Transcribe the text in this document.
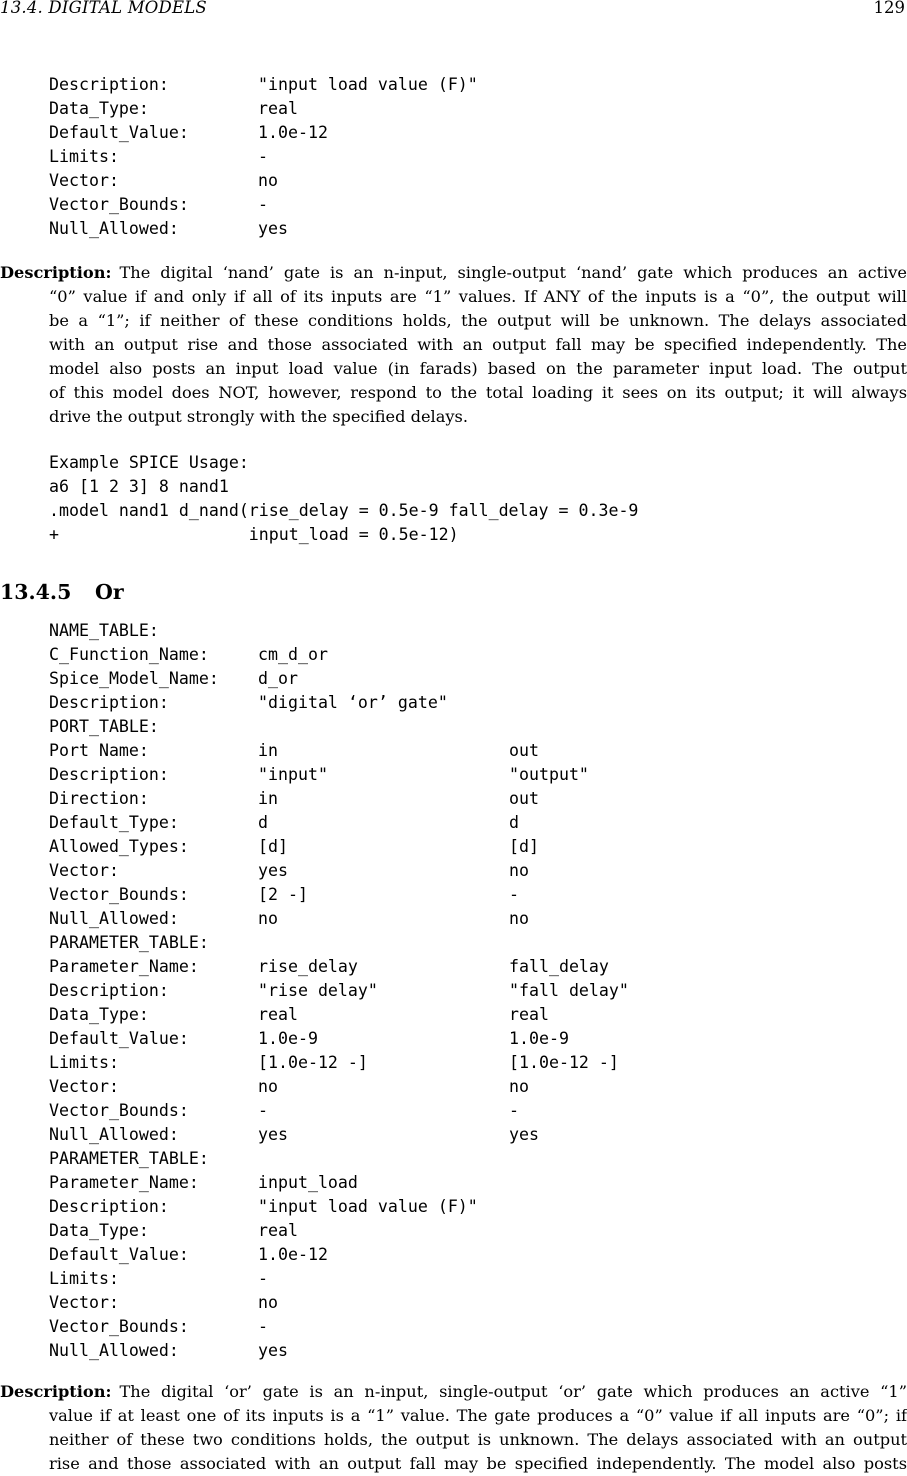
13.4. DIGITAL MODELS	129
Description:	"input load value (F)"
Data_Type:	real
Default_Value:	1.0e-12
Limits:	-
Vector:	no
Vector_Bounds:	-
Null_Allowed:	yes
Description: The digital ‘nand’ gate is an n-input, single-output ‘nand’ gate which produces an active
“0” value if and only if all of its inputs are “1” values. If ANY of the inputs is a “0”, the output will
be a “1”; if neither of these conditions holds, the output will be unknown. The delays associated
with an output rise and those associated with an output fall may be specified independently. The
model also posts an input load value (in farads) based on the parameter input load. The output
of this model does NOT, however, respond to the total loading it sees on its output; it will always
drive the output strongly with the specified delays.
Example SPICE Usage:
a6 [1 2 3] 8 nand1
.model nand1 d_nand(rise_delay = 0.5e-9 fall_delay = 0.3e-9
+                   input_load = 0.5e-12)
13.4.5 Or
NAME_TABLE:
C_Function_Name:	cm_d_or
Spice_Model_Name: d_or
Description:	"digital ‘or’ gate"
PORT_TABLE:
Port Name:	in	out
Description:	"input"	"output"
Direction:	in	out
Default_Type:	d	d
Allowed_Types:	[d]	[d]
Vector:	yes	no
Vector_Bounds:	[2 -]	-
Null_Allowed:	no	no
PARAMETER_TABLE:
Parameter_Name:	rise_delay	fall_delay
Description:	"rise delay"	"fall delay"
Data_Type:	real	real
Default_Value:	1.0e-9	1.0e-9
Limits:	[1.0e-12 -]	[1.0e-12 -]
Vector:	no	no
Vector_Bounds:	-	-
Null_Allowed:	yes	yes
PARAMETER_TABLE:
Parameter_Name:	input_load
Description:	"input load value (F)"
Data_Type:	real
Default_Value:	1.0e-12
Limits:	-
Vector:	no
Vector_Bounds:	-
Null_Allowed:	yes
Description: The digital ‘or’ gate is an n-input, single-output ‘or’ gate which produces an active “1”
value if at least one of its inputs is a “1” value. The gate produces a “0” value if all inputs are “0”; if
neither of these two conditions holds, the output is unknown. The delays associated with an output
rise and those associated with an output fall may be specified independently. The model also posts
